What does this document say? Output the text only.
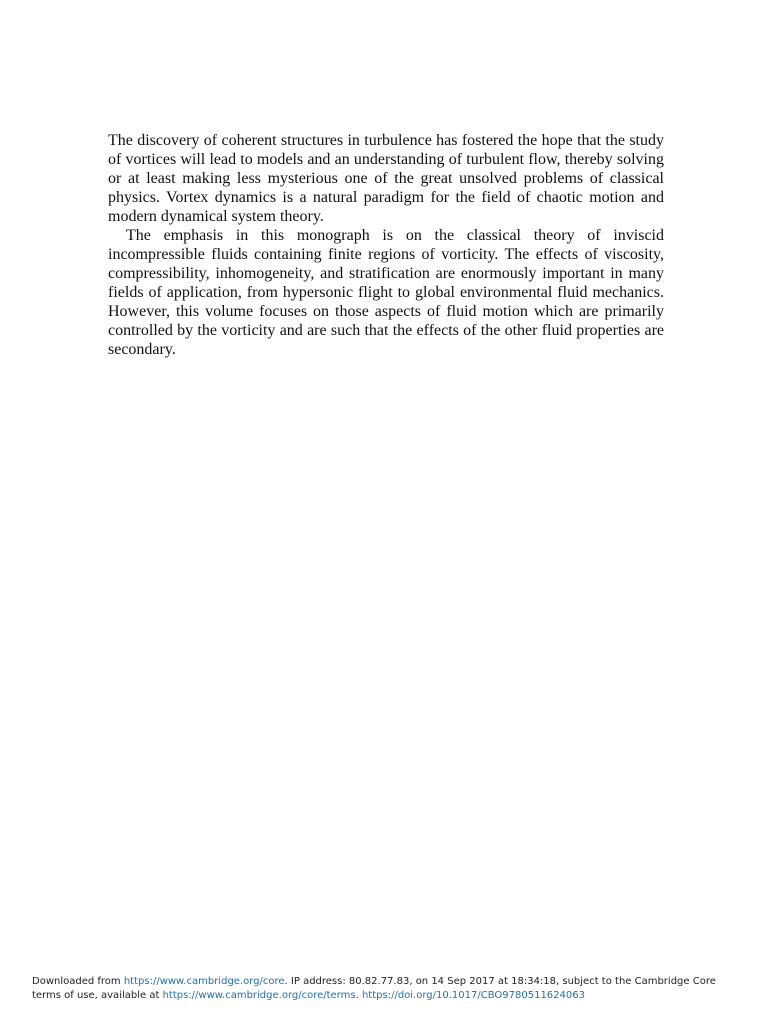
The discovery of coherent structures in turbulence has fostered the hope that the study of vortices will lead to models and an understanding of turbulent flow, thereby solving or at least making less mysterious one of the great unsolved problems of classical physics. Vortex dynamics is a natural paradigm for the field of chaotic motion and modern dynamical system theory.

The emphasis in this monograph is on the classical theory of inviscid incompressible fluids containing finite regions of vorticity. The effects of viscosity, compressibility, inhomogeneity, and stratification are enormously important in many fields of application, from hypersonic flight to global environmental fluid mechanics. However, this volume focuses on those aspects of fluid motion which are primarily controlled by the vorticity and are such that the effects of the other fluid properties are secondary.

Downloaded from https://www.cambridge.org/core. IP address: 80.82.77.83, on 14 Sep 2017 at 18:34:18, subject to the Cambridge Core
terms of use, available at https://www.cambridge.org/core/terms. https://doi.org/10.1017/CBO9780511624063
